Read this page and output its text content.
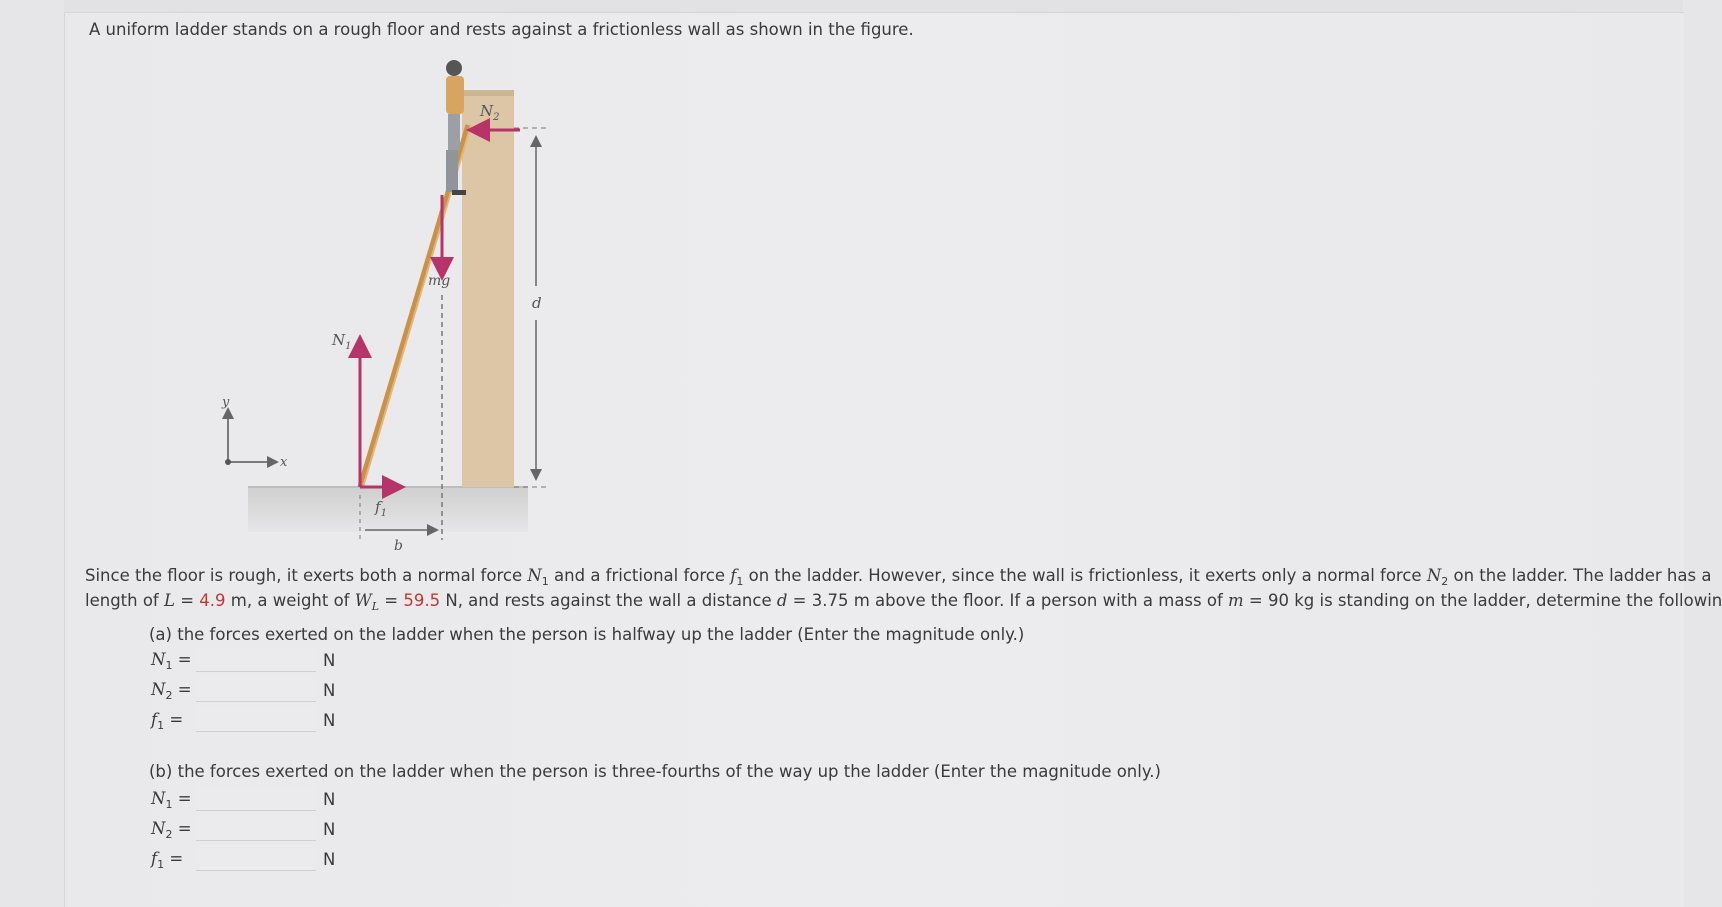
A uniform ladder stands on a rough floor and rests against a frictionless wall as shown in the figure.
$N_2$
mg
d
$N_1$
$f_1$
b
y
x
Since the floor is rough, it exerts both a normal force $N_1$ and a frictional force $f_1$ on the ladder. However, since the wall is frictionless, it exerts only a normal force $N_2$ on the ladder. The ladder has a
length of L = 4.9 m, a weight of $W_L = 59.5$ N, and rests against the wall a distance d = 3.75 m above the floor. If a person with a mass of m = 90 kg is standing on the ladder, determine the followin
(a) the forces exerted on the ladder when the person is halfway up the ladder (Enter the magnitude only.)
$N_1$ =	N
$N_2$ =	N
$f_1$ =	N
(b) the forces exerted on the ladder when the person is three-fourths of the way up the ladder (Enter the magnitude only.)
$N_1$ =	N
$N_2$ =	N
$f_1$ =	N
